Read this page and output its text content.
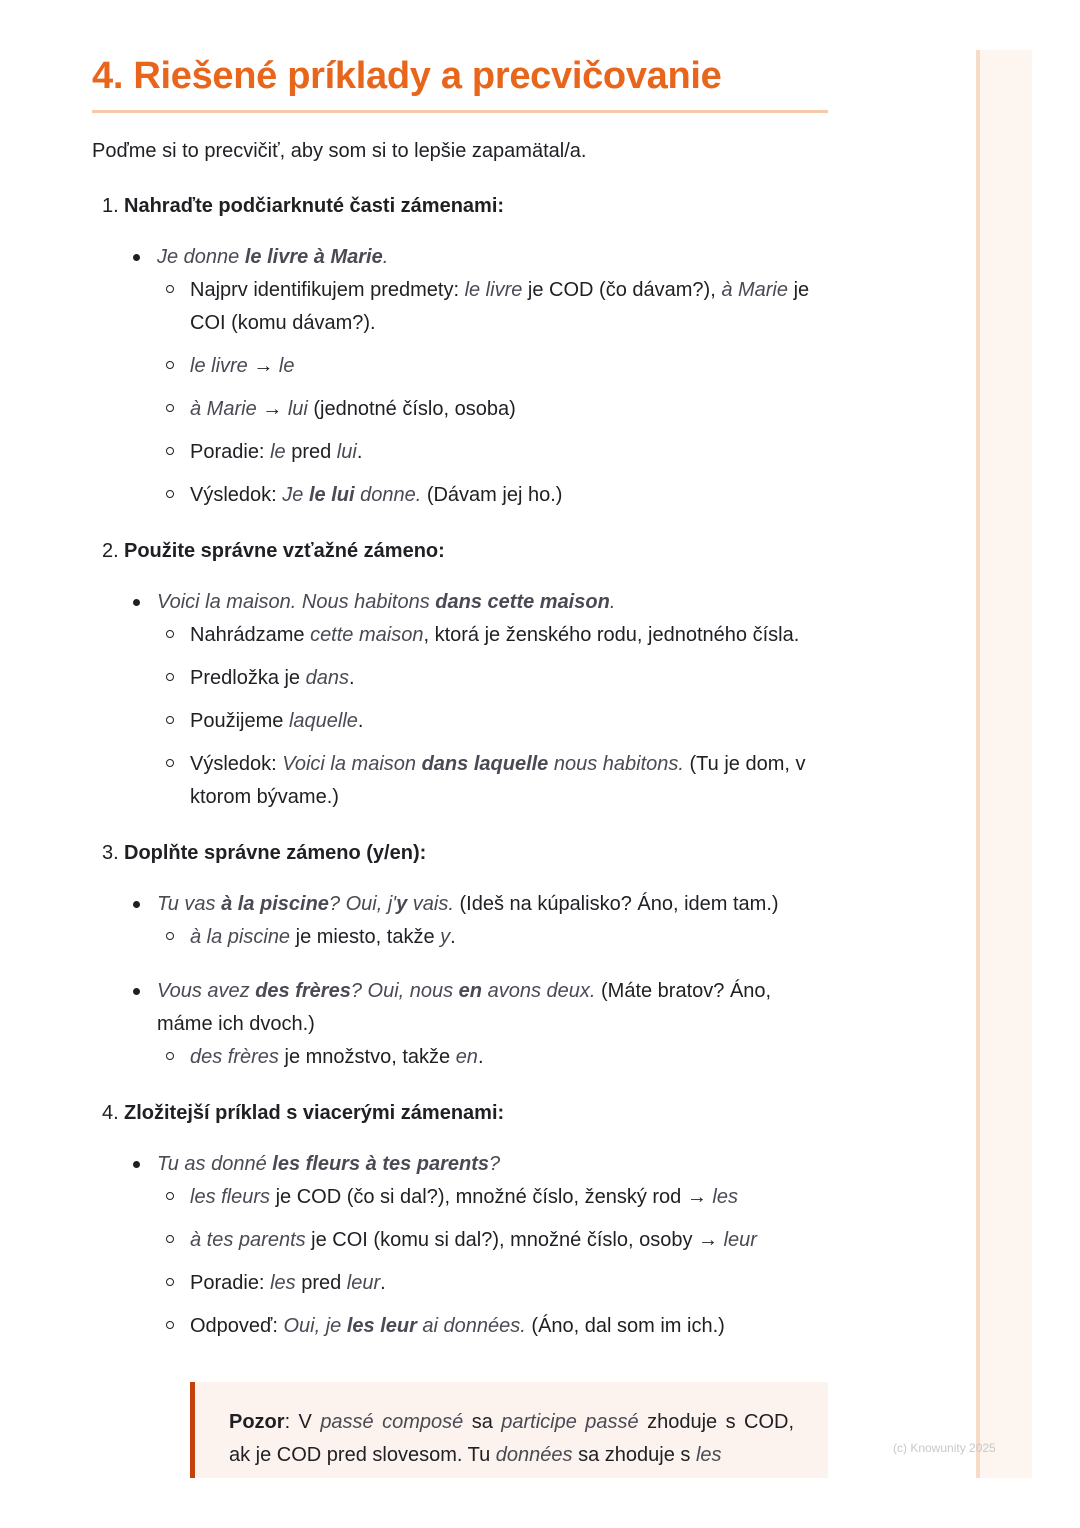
4. Riešené príklady a precvičovanie

Poďme si to precvičiť, aby som si to lepšie zapamätal/a.

1. Nahraďte podčiarknuté časti zámenami:
Je donne le livre à Marie.
Najprv identifikujem predmety: le livre je COD (čo dávam?), à Marie je COI (komu dávam?).
le livre → le
à Marie → lui (jednotné číslo, osoba)
Poradie: le pred lui.
Výsledok: Je le lui donne. (Dávam jej ho.)
2. Použite správne vzťažné zámeno:
Voici la maison. Nous habitons dans cette maison.
Nahrádzame cette maison, ktorá je ženského rodu, jednotného čísla.
Predložka je dans.
Použijeme laquelle.
Výsledok: Voici la maison dans laquelle nous habitons. (Tu je dom, v ktorom bývame.)
3. Doplňte správne zámeno (y/en):
Tu vas à la piscine? Oui, j'y vais. (Ideš na kúpalisko? Áno, idem tam.)
à la piscine je miesto, takže y.
Vous avez des frères? Oui, nous en avons deux. (Máte bratov? Áno, máme ich dvoch.)
des frères je množstvo, takže en.
4. Zložitejší príklad s viacerými zámenami:
Tu as donné les fleurs à tes parents?
les fleurs je COD (čo si dal?), množné číslo, ženský rod → les
à tes parents je COI (komu si dal?), množné číslo, osoby → leur
Poradie: les pred leur.
Odpoveď: Oui, je les leur ai données. (Áno, dal som im ich.)
Pozor: V passé composé sa participe passé zhoduje s COD, ak je COD pred slovesom. Tu données sa zhoduje s les	(c) Knowunity 2025
